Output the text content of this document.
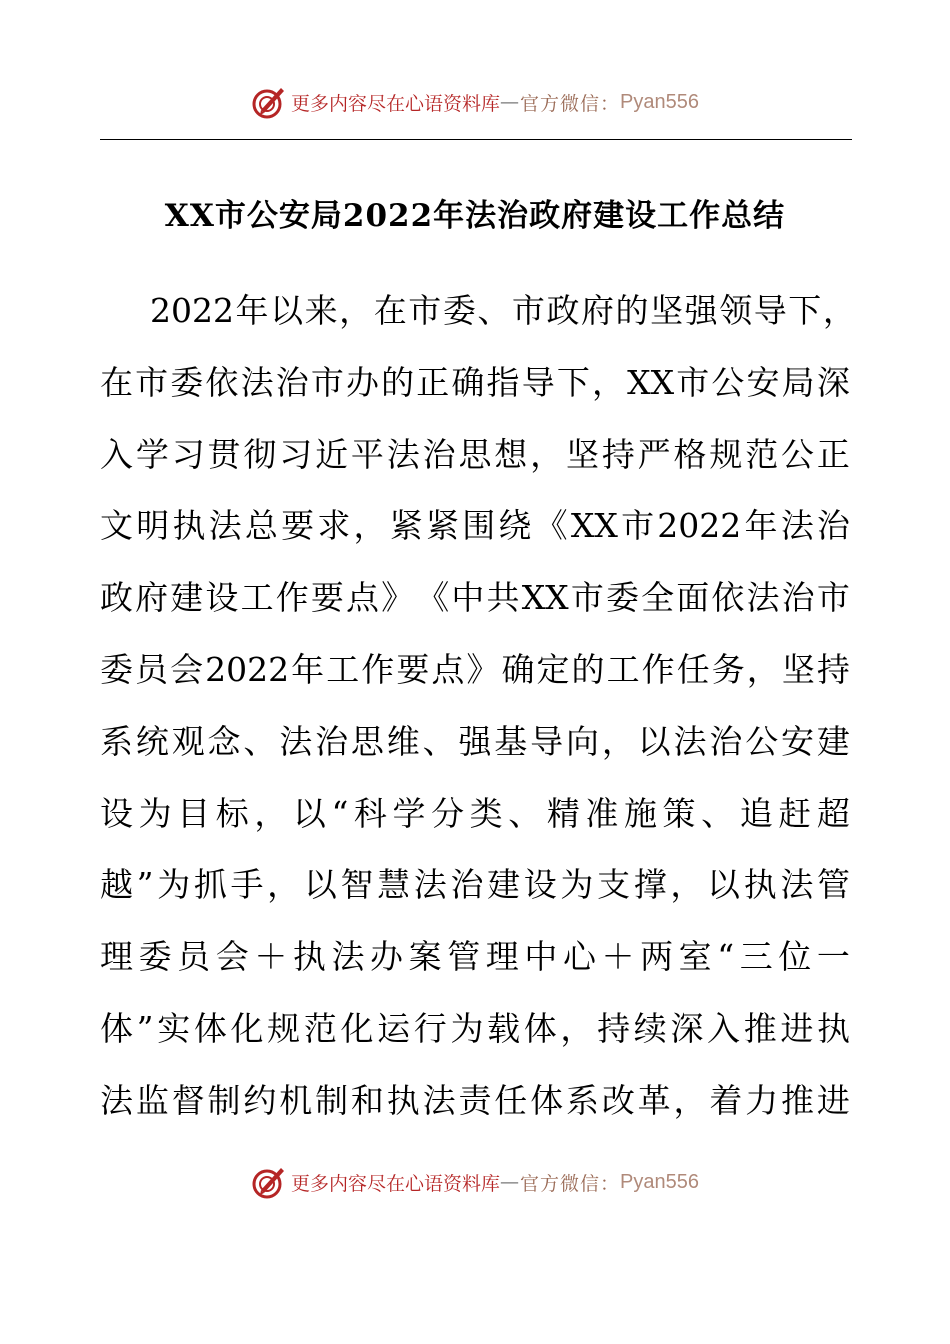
更多内容尽在心语资料库 — 官方微信： Pyan556
XX市公安局2022年法治政府建设工作总结
2022 年 以 来 ， 在 市 委 、 市 政 府 的 坚 强 领 导 下 ，
在 市 委 依 法 治 市 办 的 正 确 指 导 下 ， XX 市 公 安 局 深
入 学 习 贯 彻 习 近 平 法 治 思 想 ， 坚 持 严 格 规 范 公 正
文 明 执 法 总 要 求 ， 紧 紧 围 绕 《 XX 市 2022 年 法 治
政 府 建 设 工 作 要 点 》 《 中 共 XX 市 委 全 面 依 法 治 市
委 员 会 2022 年 工 作 要 点 》 确 定 的 工 作 任 务 ， 坚 持
系 统 观 念 、 法 治 思 维 、 强 基 导 向 ， 以 法 治 公 安 建
设 为 目 标 ， 以 “ 科 学 分 类 、 精 准 施 策 、 追 赶 超
越 ” 为 抓 手 ， 以 智 慧 法 治 建 设 为 支 撑 ， 以 执 法 管
理 委 员 会 ＋ 执 法 办 案 管 理 中 心 ＋ 两 室 “ 三 位 一
体 ” 实 体 化 规 范 化 运 行 为 载 体 ， 持 续 深 入 推 进 执
法 监 督 制 约 机 制 和 执 法 责 任 体 系 改 革 ， 着 力 推 进
更多内容尽在心语资料库 — 官方微信： Pyan556
